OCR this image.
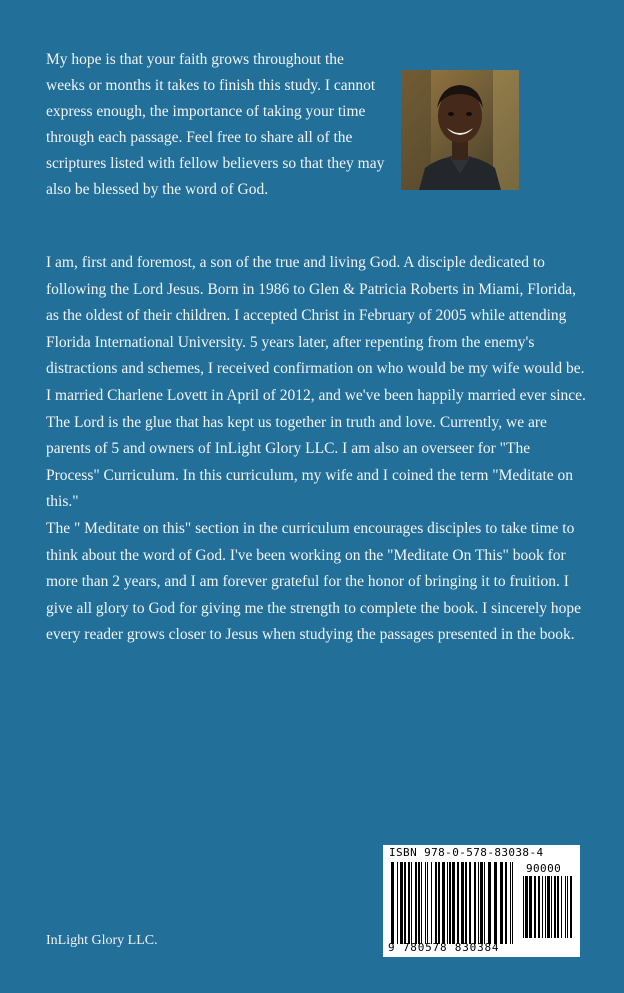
My hope is that your faith grows throughout the weeks or months it takes to finish this study. I cannot express enough, the importance of taking your time through each passage. Feel free to share all of the scriptures listed with fellow believers so that they may also be blessed by the word of God.

I am, first and foremost, a son of the true and living God. A disciple dedicated to following the Lord Jesus. Born in 1986 to Glen & Patricia Roberts in Miami, Florida, as the oldest of their children. I accepted Christ in February of 2005 while attending Florida International University. 5 years later, after repenting from the enemy's distractions and schemes, I received confirmation on who would be my wife would be. I married Charlene Lovett in April of 2012, and we've been happily married ever since. The Lord is the glue that has kept us together in truth and love. Currently, we are parents of 5 and owners of InLight Glory LLC. I am also an overseer for "The Process" Curriculum. In this curriculum, my wife and I coined the term "Meditate on this."

The " Meditate on this" section in the curriculum encourages disciples to take time to think about the word of God. I've been working on the "Meditate On This" book for more than 2 years, and I am forever grateful for the honor of bringing it to fruition. I give all glory to God for giving me the strength to complete the book. I sincerely hope every reader grows closer to Jesus when studying the passages presented in the book.

InLight Glory LLC.

ISBN 978-0-578-83038-4
90000
9 780578 830384
